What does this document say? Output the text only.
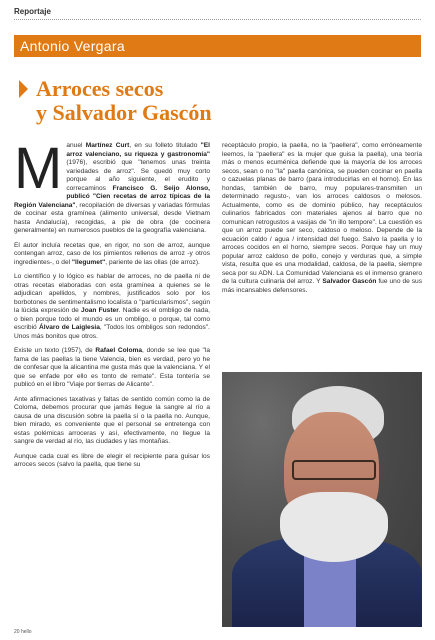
Reportaje
Antonio Vergara
Arroces secos
y Salvador Gascón

Manuel Martínez Curt, en su folleto titulado "El arroz valenciano, su riqueza y gastronomía" (1976), escribió que "tenemos unas treinta variedades de arroz". Se quedó muy corto porque al año siguiente, el erudito y correcaminos Francisco G. Seijo Alonso, publicó "Cien recetas de arroz típicas de la Región Valenciana", recopilación de diversas y variadas fórmulas de cocinar esta gramínea (alimento universal, desde Vietnam hasta Andalucía), recogidas, a pie de obra (de cocinera generalmente) en numerosos pueblos de la geografía valenciana.

El autor incluía recetas que, en rigor, no son de arroz, aunque contengan arroz, caso de los pimientos rellenos de arroz -y otros ingredientes-, o del "llegumet", pariente de las ollas (de arroz).

Lo científico y lo lógico es hablar de arroces, no de paella ni de otras recetas elaboradas con esta gramínea a quienes se le adjudican apellidos, y nombres, justificados solo por los borbotones de sentimentalismo localista o "particularismos", según la lúcida expresión de Joan Fuster. Nadie es el ombligo de nada, o bien porque todo el mundo es un ombligo, o porque, tal como escribió Álvaro de Laiglesia, "Todos los ombligos son redondos". Unos más bonitos que otros.

Existe un texto (1957), de Rafael Coloma, donde se lee que "la fama de las paellas la tiene Valencia, bien es verdad, pero yo he de confesar que la alicantina me gusta más que la valenciana. Y el que se enfade por ello es tonto de remate". Esta tontería se publicó en el libro "Viaje por tierras de Alicante".

Ante afirmaciones taxativas y faltas de sentido común como la de Coloma, debemos procurar que jamás llegue la sangre al río a causa de una discusión sobre la paella sí o la paella no. Aunque, bien mirado, es conveniente que el personal se entretenga con estas polémicas arroceras y así, efectivamente, no llegue la sangre de verdad al río, las ciudades y las montañas.

Aunque cada cual es libre de elegir el recipiente para guisar los arroces secos (salvo la paella, que tiene su

receptáculo propio, la paella, no la "paellera", como erróneamente leemos, la "paellera" es la mujer que guisa la paella), una teoría más o menos ecuménica defiende que la mayoría de los arroces secos, sean o no "la" paella canónica, se pueden cocinar en paella o cazuelas planas de barro (para introducirlas en el horno). En las hondas, también de barro, muy populares-transmiten un determinado regusto-, van los arroces caldosos o melosos. Actualmente, como es de dominio público, hay receptáculos culinarios fabricados con materiales ajenos al barro que no comunican retrogustos a vasijas de "in illo tempore". La cuestión es que un arroz puede ser seco, caldoso o meloso. Depende de la ecuación caldo / agua / intensidad del fuego. Salvo la paella y lo arroces cocidos en el horno, siempre secos. Porque hay un muy popular arroz caldoso de pollo, conejo y verduras que, a simple vista, resulta que es una modalidad, caldosa, de la paella, siempre seca por su ADN. La Comunidad Valenciana es el inmenso granero de la cultura culinaria del arroz. Y Salvador Gascón fue uno de sus más incansables defensores.

20 hello
